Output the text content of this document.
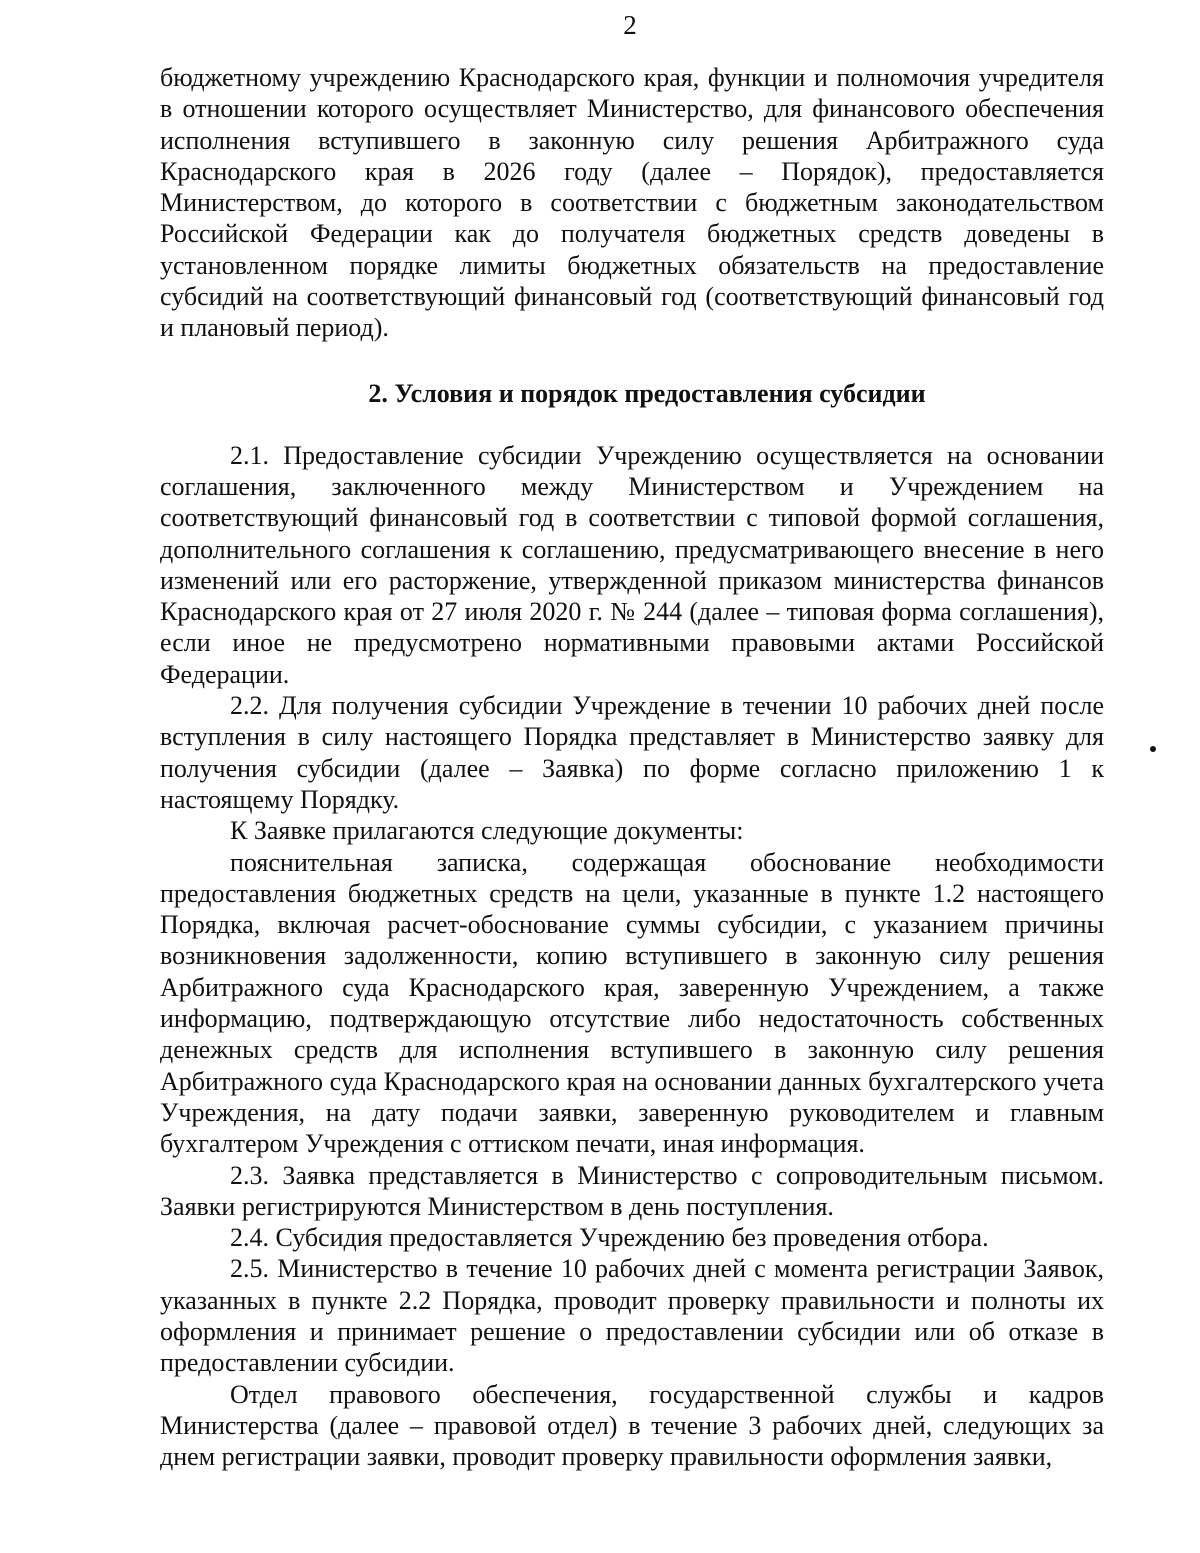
2

бюджетному учреждению Краснодарского края, функции и полномочия учредителя в отношении которого осуществляет Министерство, для финансового обеспечения исполнения вступившего в законную силу решения Арбитражного суда Краснодарского края в 2026 году (далее – Порядок), предоставляется Министерством, до которого в соответствии с бюджетным законодательством Российской Федерации как до получателя бюджетных средств доведены в установленном порядке лимиты бюджетных обязательств на предоставление субсидий на соответствующий финансовый год (соответствующий финансовый год и плановый период).

2. Условия и порядок предоставления субсидии

2.1. Предоставление субсидии Учреждению осуществляется на основании соглашения, заключенного между Министерством и Учреждением на соответствующий финансовый год в соответствии с типовой формой соглашения, дополнительного соглашения к соглашению, предусматривающего внесение в него изменений или его расторжение, утвержденной приказом министерства финансов Краснодарского края от 27 июля 2020 г. № 244 (далее – типовая форма соглашения), если иное не предусмотрено нормативными правовыми актами Российской Федерации.

2.2. Для получения субсидии Учреждение в течении 10 рабочих дней после вступления в силу настоящего Порядка представляет в Министерство заявку для получения субсидии (далее – Заявка) по форме согласно приложению 1 к настоящему Порядку.

К Заявке прилагаются следующие документы:

пояснительная записка, содержащая обоснование необходимости предоставления бюджетных средств на цели, указанные в пункте 1.2 настоящего Порядка, включая расчет-обоснование суммы субсидии, с указанием причины возникновения задолженности, копию вступившего в законную силу решения Арбитражного суда Краснодарского края, заверенную Учреждением, а также информацию, подтверждающую отсутствие либо недостаточность собственных денежных средств для исполнения вступившего в законную силу решения Арбитражного суда Краснодарского края на основании данных бухгалтерского учета Учреждения, на дату подачи заявки, заверенную руководителем и главным бухгалтером Учреждения с оттиском печати, иная информация.

2.3. Заявка представляется в Министерство с сопроводительным письмом. Заявки регистрируются Министерством в день поступления.

2.4. Субсидия предоставляется Учреждению без проведения отбора.

2.5. Министерство в течение 10 рабочих дней с момента регистрации Заявок, указанных в пункте 2.2 Порядка, проводит проверку правильности и полноты их оформления и принимает решение о предоставлении субсидии или об отказе в предоставлении субсидии.

Отдел правового обеспечения, государственной службы и кадров Министерства (далее – правовой отдел) в течение 3 рабочих дней, следующих за днем регистрации заявки, проводит проверку правильности оформления заявки,
